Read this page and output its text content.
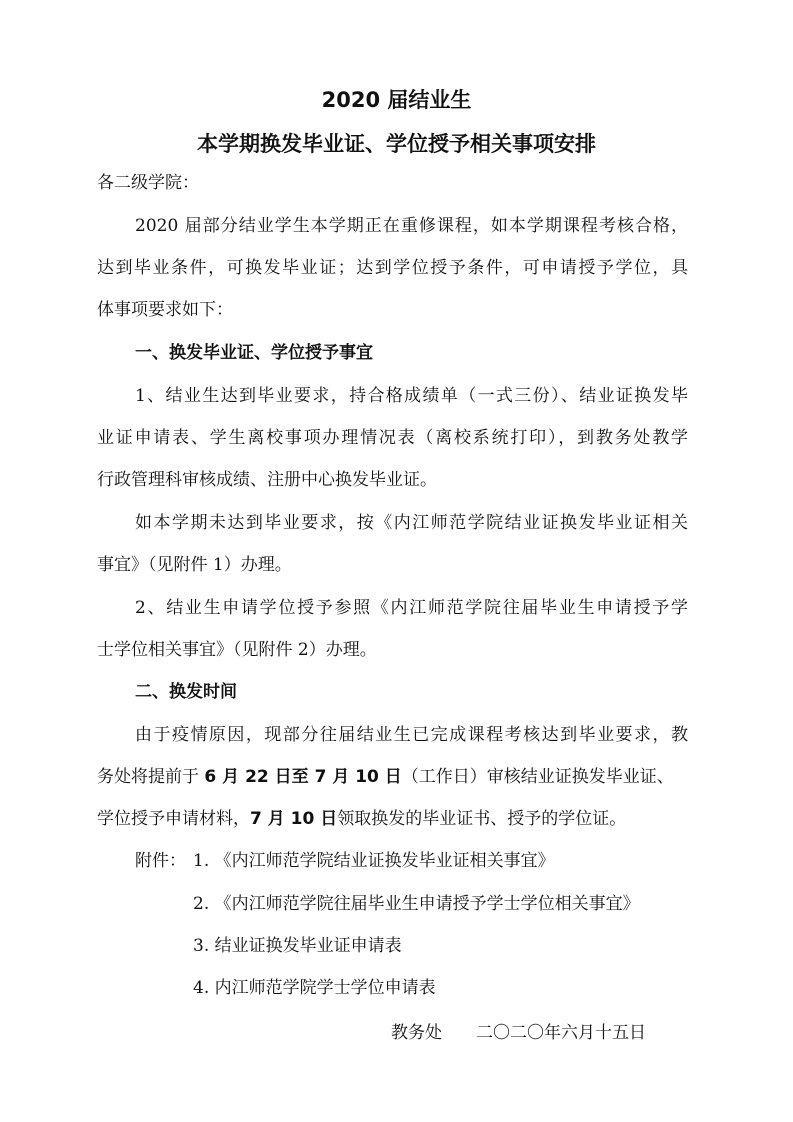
2020 届结业生
本学期换发毕业证、学位授予相关事项安排
各二级学院：
2020 届部分结业学生本学期正在重修课程，如本学期课程考核合格，
达到毕业条件，可换发毕业证；达到学位授予条件，可申请授予学位，具
体事项要求如下：
一、换发毕业证、学位授予事宜
1、结业生达到毕业要求，持合格成绩单（一式三份）、结业证换发毕
业证申请表、学生离校事项办理情况表（离校系统打印），到教务处教学
行政管理科审核成绩、注册中心换发毕业证。
如本学期未达到毕业要求，按《内江师范学院结业证换发毕业证相关
事宜》（见附件 1）办理。
2、结业生申请学位授予参照《内江师范学院往届毕业生申请授予学
士学位相关事宜》（见附件 2）办理。
二、换发时间
由于疫情原因，现部分往届结业生已完成课程考核达到毕业要求，教
务处将提前于 6 月 22 日至 7 月 10 日（工作日）审核结业证换发毕业证、
学位授予申请材料，7 月 10 日领取换发的毕业证书、授予的学位证。
附件： 1. 《内江师范学院结业证换发毕业证相关事宜》
2. 《内江师范学院往届毕业生申请授予学士学位相关事宜》
3. 结业证换发毕业证申请表
4. 内江师范学院学士学位申请表
教务处 二〇二〇年六月十五日
